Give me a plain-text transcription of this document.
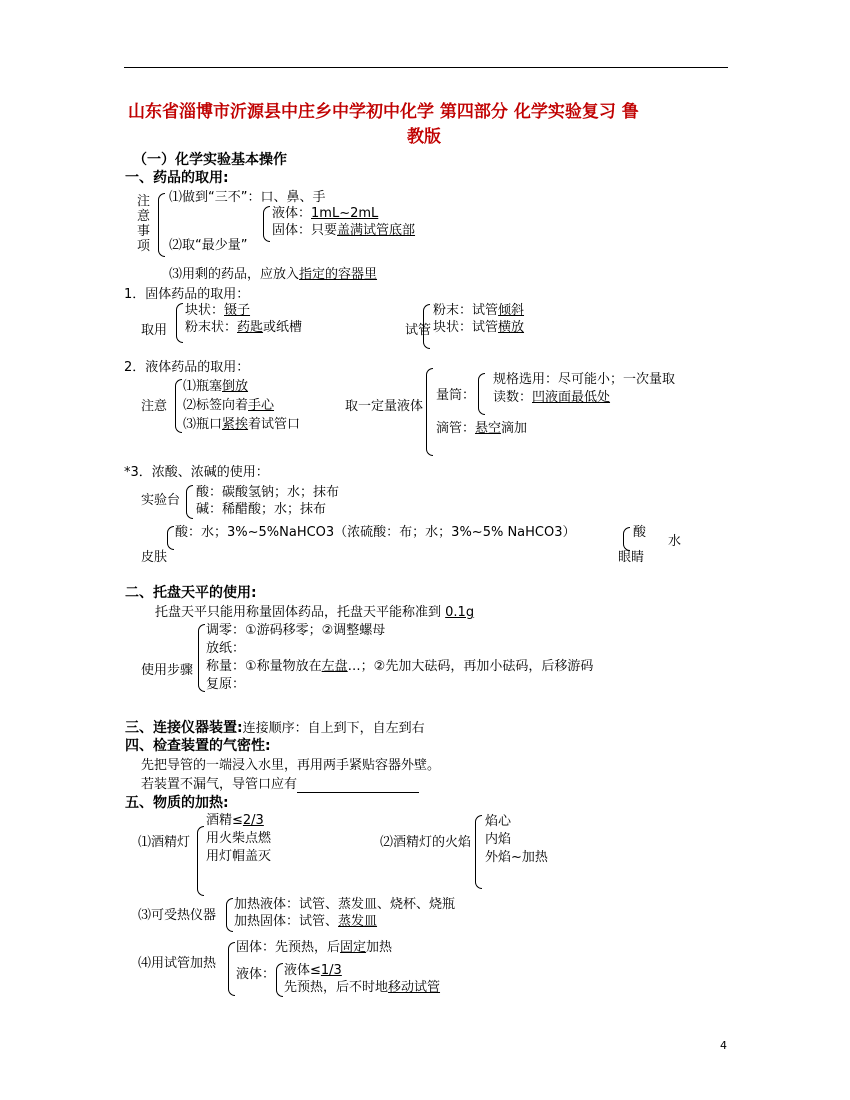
山东省淄博市沂源县中庄乡中学初中化学 第四部分 化学实验复习 鲁
教版
（一）化学实验基本操作
一、药品的取用:
注
意
事
项
⑴做到“三不”：口、鼻、手
液体：1mL~2mL
固体：只要盖满试管底部
⑵取“最少量”
⑶用剩的药品，应放入指定的容器里
1．固体药品的取用：
取用
块状：镊子
粉末状：药匙或纸槽	试管
粉末：试管倾斜
块状：试管横放
2．液体药品的取用：
注意
⑴瓶塞倒放
⑵标签向着手心
⑶瓶口紧挨着试管口
取一定量液体
量筒：
规格选用：尽可能小；一次量取
读数：凹液面最低处
滴管：悬空滴加
*3．浓酸、浓碱的使用：
实验台
酸：碳酸氢钠；水；抹布
碱：稀醋酸；水；抹布
酸：水；3%~5%NaHCO3（浓硫酸：布；水；3%~5% NaHCO3）
皮肤
酸
水
眼睛
二、托盘天平的使用:
托盘天平只能用称量固体药品，托盘天平能称准到 0.1g
使用步骤
调零：①游码移零；②调整螺母
放纸：
称量：①称量物放在左盘…；②先加大砝码，再加小砝码，后移游码
复原：
三、连接仪器装置:连接顺序：自上到下，自左到右
四、检查装置的气密性:
先把导管的一端浸入水里，再用两手紧贴容器外壁。
若装置不漏气，导管口应有
五、物质的加热:
⑴酒精灯
酒精≤2/3
用火柴点燃
用灯帽盖灭
⑵酒精灯的火焰
焰心
内焰
外焰~加热
⑶可受热仪器
加热液体：试管、蒸发皿、烧杯、烧瓶
加热固体：试管、蒸发皿
⑷用试管加热
固体：先预热，后固定加热
液体： 液体≤1/3
先预热，后不时地移动试管
4
